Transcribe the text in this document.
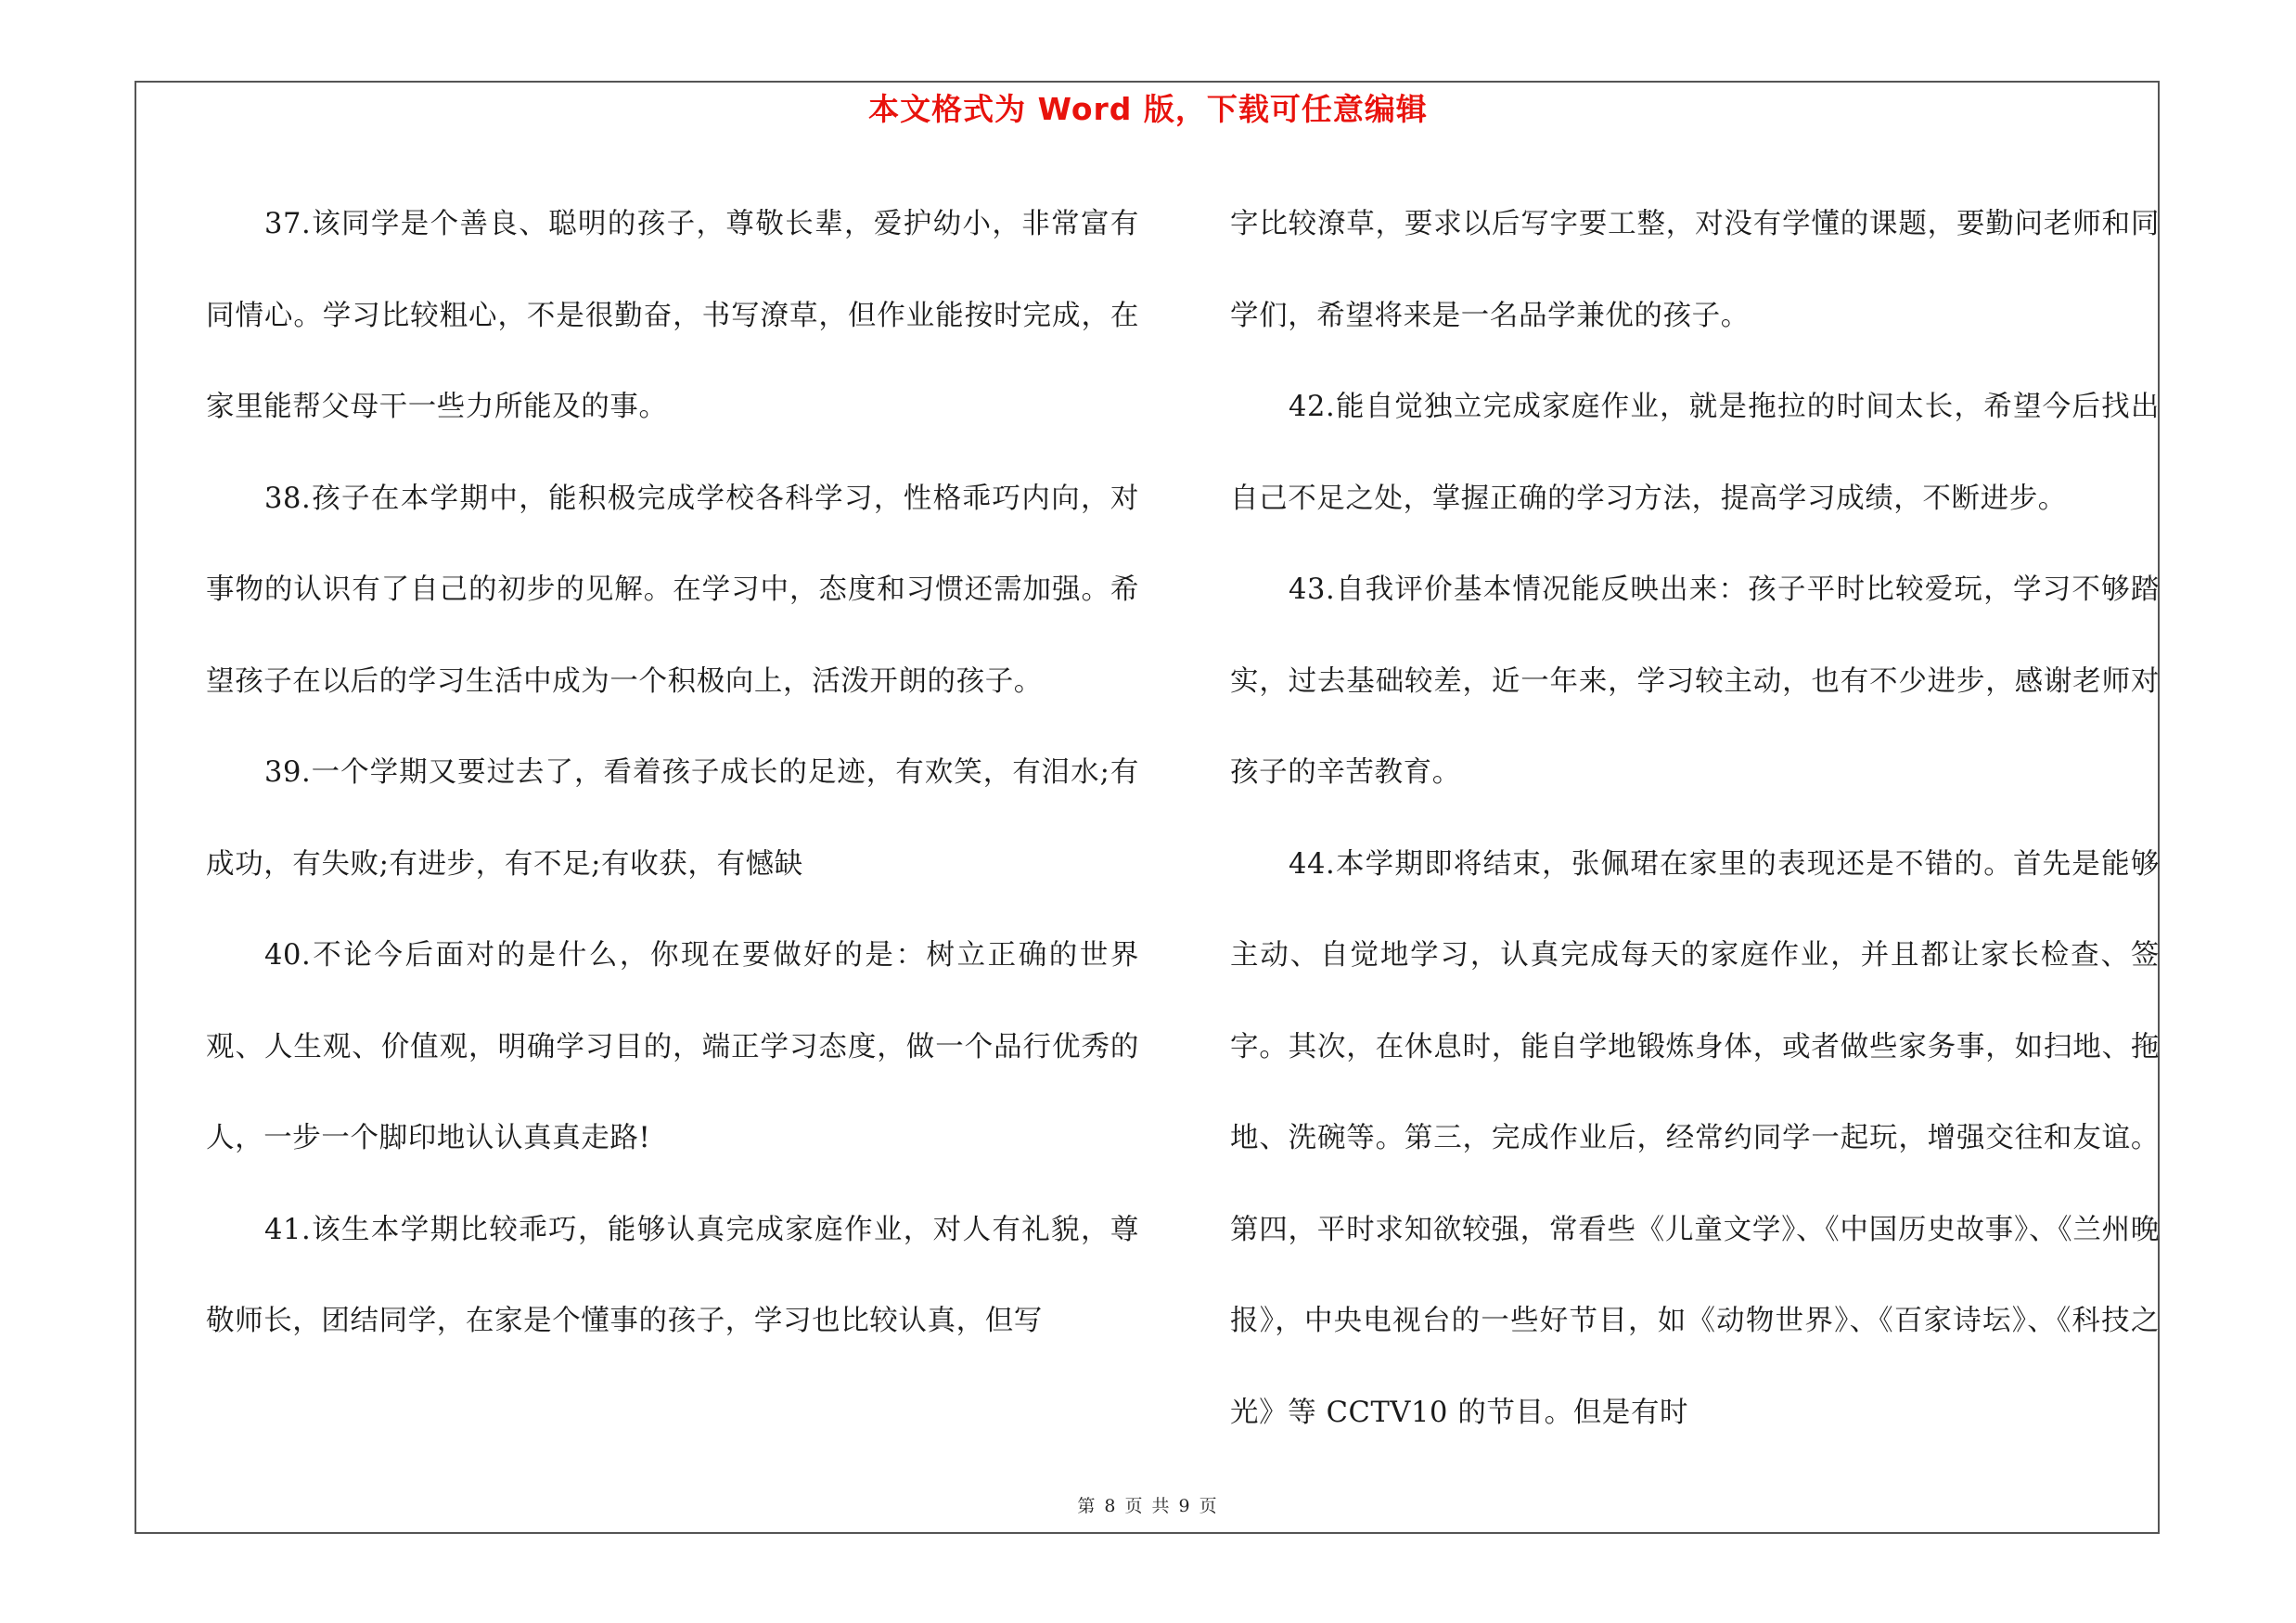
本文格式为 Word 版，下载可任意编辑

37.该同学是个善良、聪明的孩子，尊敬长辈，爱护幼小，非常富有同情心。学习比较粗心，不是很勤奋，书写潦草，但作业能按时完成，在家里能帮父母干一些力所能及的事。

38.孩子在本学期中，能积极完成学校各科学习，性格乖巧内向，对事物的认识有了自己的初步的见解。在学习中，态度和习惯还需加强。希望孩子在以后的学习生活中成为一个积极向上，活泼开朗的孩子。

39.一个学期又要过去了，看着孩子成长的足迹，有欢笑，有泪水;有成功，有失败;有进步，有不足;有收获，有憾缺

40.不论今后面对的是什么，你现在要做好的是：树立正确的世界观、人生观、价值观，明确学习目的，端正学习态度，做一个品行优秀的人，一步一个脚印地认认真真走路!

41.该生本学期比较乖巧，能够认真完成家庭作业，对人有礼貌，尊敬师长，团结同学，在家是个懂事的孩子，学习也比较认真，但写

字比较潦草，要求以后写字要工整，对没有学懂的课题，要勤问老师和同学们，希望将来是一名品学兼优的孩子。

42.能自觉独立完成家庭作业，就是拖拉的时间太长，希望今后找出自己不足之处，掌握正确的学习方法，提高学习成绩，不断进步。

43.自我评价基本情况能反映出来：孩子平时比较爱玩，学习不够踏实，过去基础较差，近一年来，学习较主动，也有不少进步，感谢老师对孩子的辛苦教育。

44.本学期即将结束，张佩珺在家里的表现还是不错的。首先是能够主动、自觉地学习，认真完成每天的家庭作业，并且都让家长检查、签字。其次，在休息时，能自学地锻炼身体，或者做些家务事，如扫地、拖地、洗碗等。第三，完成作业后，经常约同学一起玩，增强交往和友谊。第四，平时求知欲较强，常看些《儿童文学》、《中国历史故事》、《兰州晚报》，中央电视台的一些好节目，如《动物世界》、《百家诗坛》、《科技之光》等 CCTV10 的节目。但是有时

第 8 页 共 9 页
